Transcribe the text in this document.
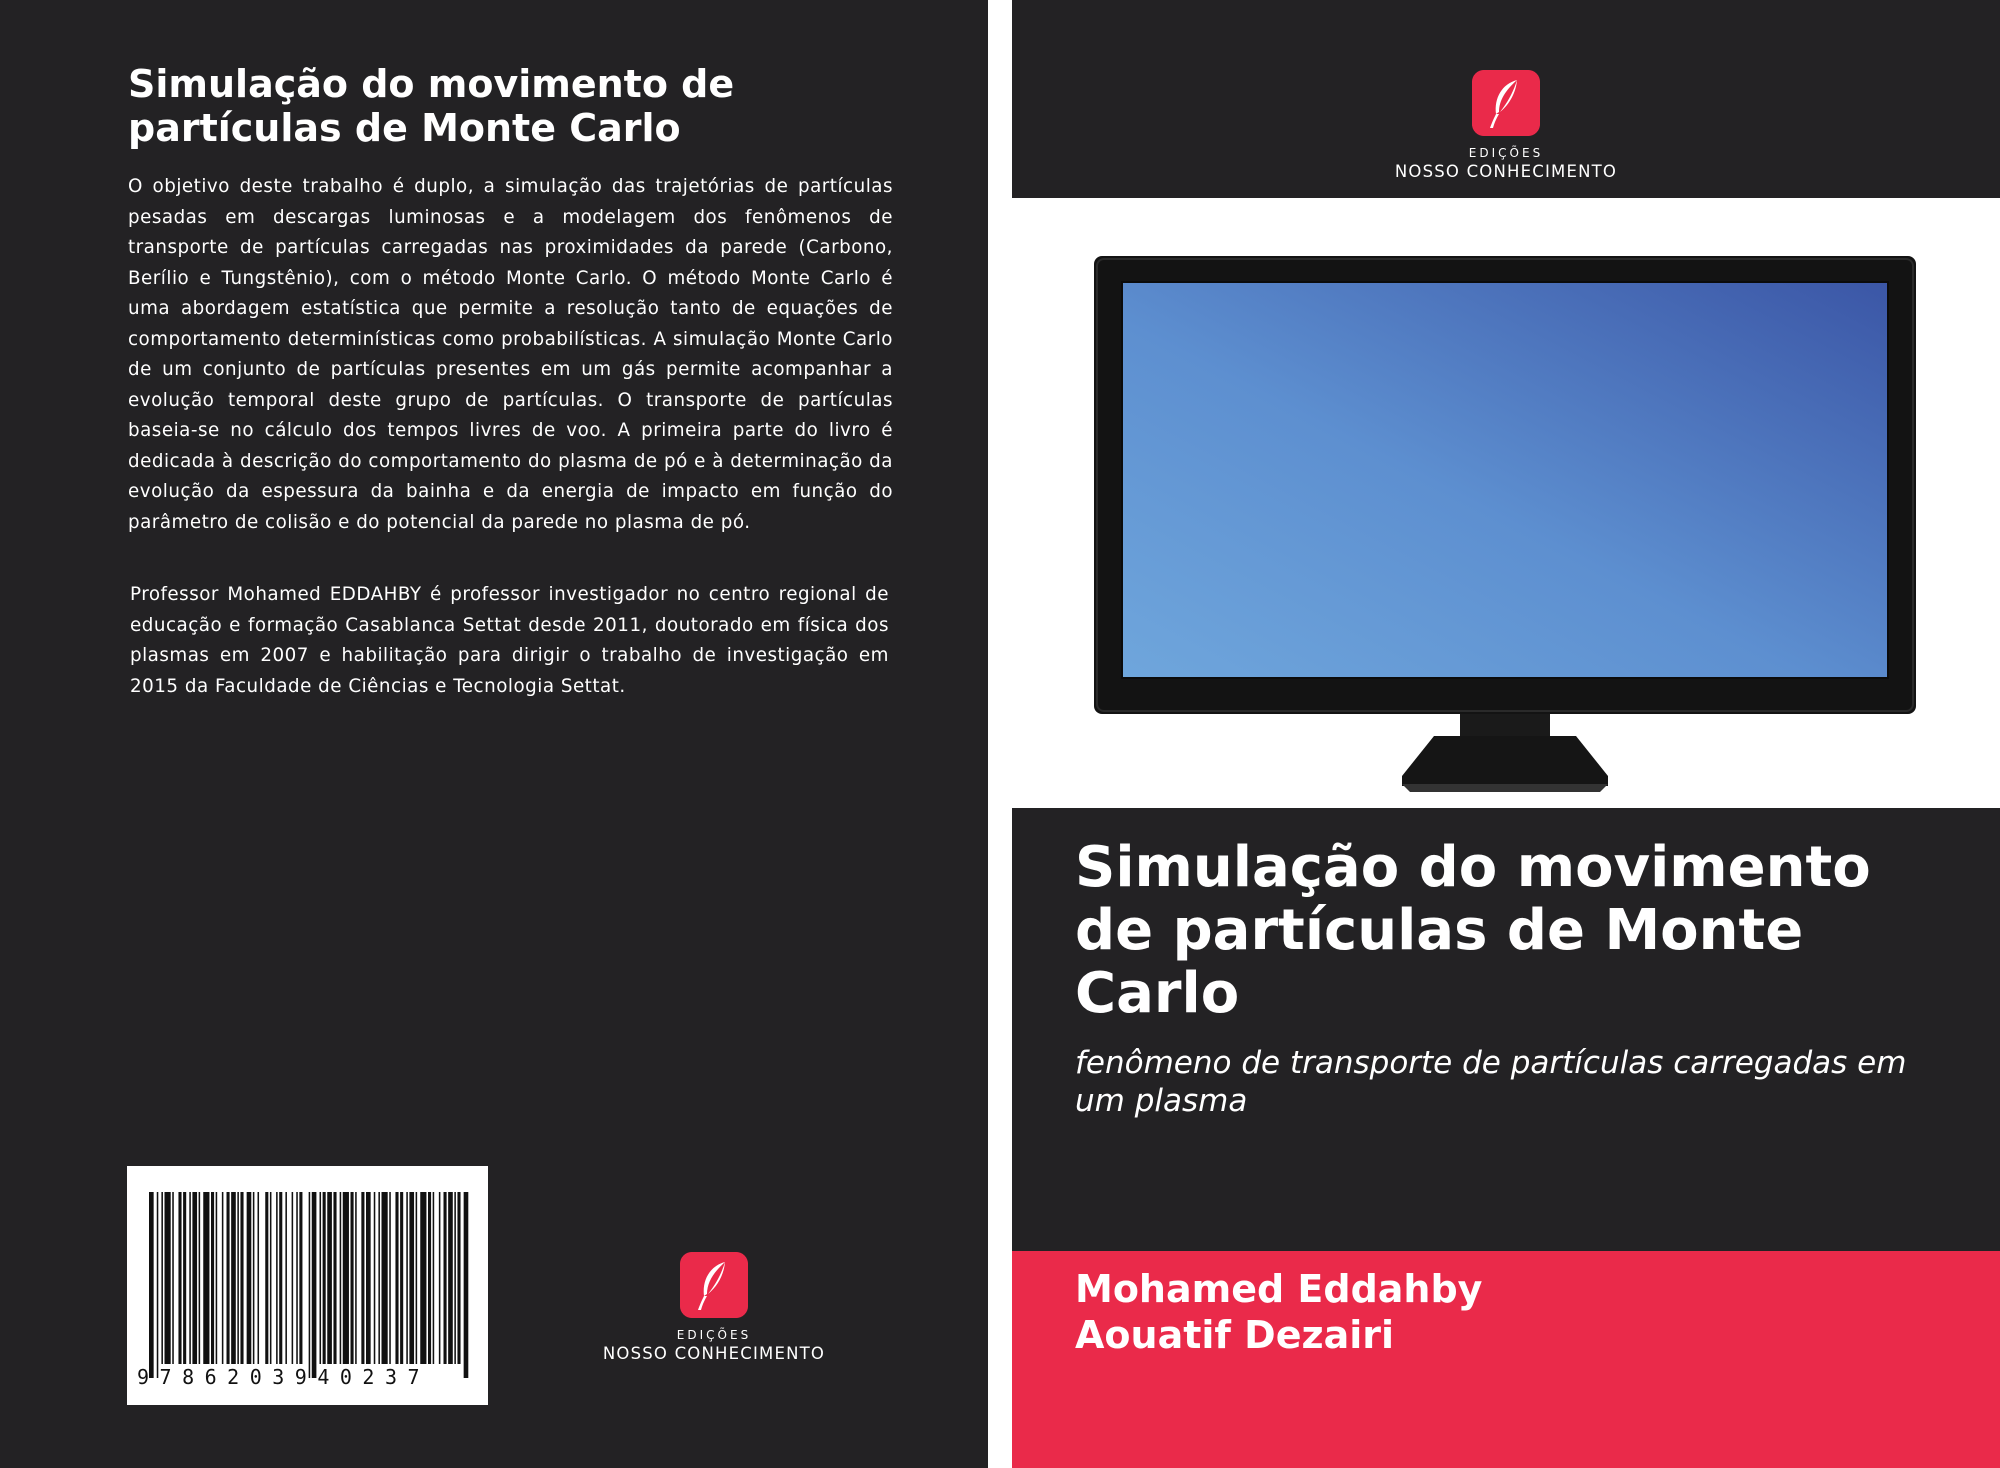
Simulação do movimento de partículas de Monte Carlo

O objetivo deste trabalho é duplo, a simulação das trajetórias de partículas pesadas em descargas luminosas e a modelagem dos fenômenos de transporte de partículas carregadas nas proximidades da parede (Carbono, Berílio e Tungstênio), com o método Monte Carlo. O método Monte Carlo é uma abordagem estatística que permite a resolução tanto de equações de comportamento determinísticas como probabilísticas. A simulação Monte Carlo de um conjunto de partículas presentes em um gás permite acompanhar a evolução temporal deste grupo de partículas. O transporte de partículas baseia-se no cálculo dos tempos livres de voo. A primeira parte do livro é dedicada à descrição do comportamento do plasma de pó e à determinação da evolução da espessura da bainha e da energia de impacto em função do parâmetro de colisão e do potencial da parede no plasma de pó.

Professor Mohamed EDDAHBY é professor investigador no centro regional de educação e formação Casablanca Settat desde 2011, doutorado em física dos plasmas em 2007 e habilitação para dirigir o trabalho de investigação em 2015 da Faculdade de Ciências e Tecnologia Settat.

9786203940237
EDIÇÕES
NOSSO CONHECIMENTO
EDIÇÕES
NOSSO CONHECIMENTO
Simulação do movimento de partículas de Monte Carlo

fenômeno de transporte de partículas carregadas em um plasma

Mohamed Eddahby
Aouatif Dezairi
